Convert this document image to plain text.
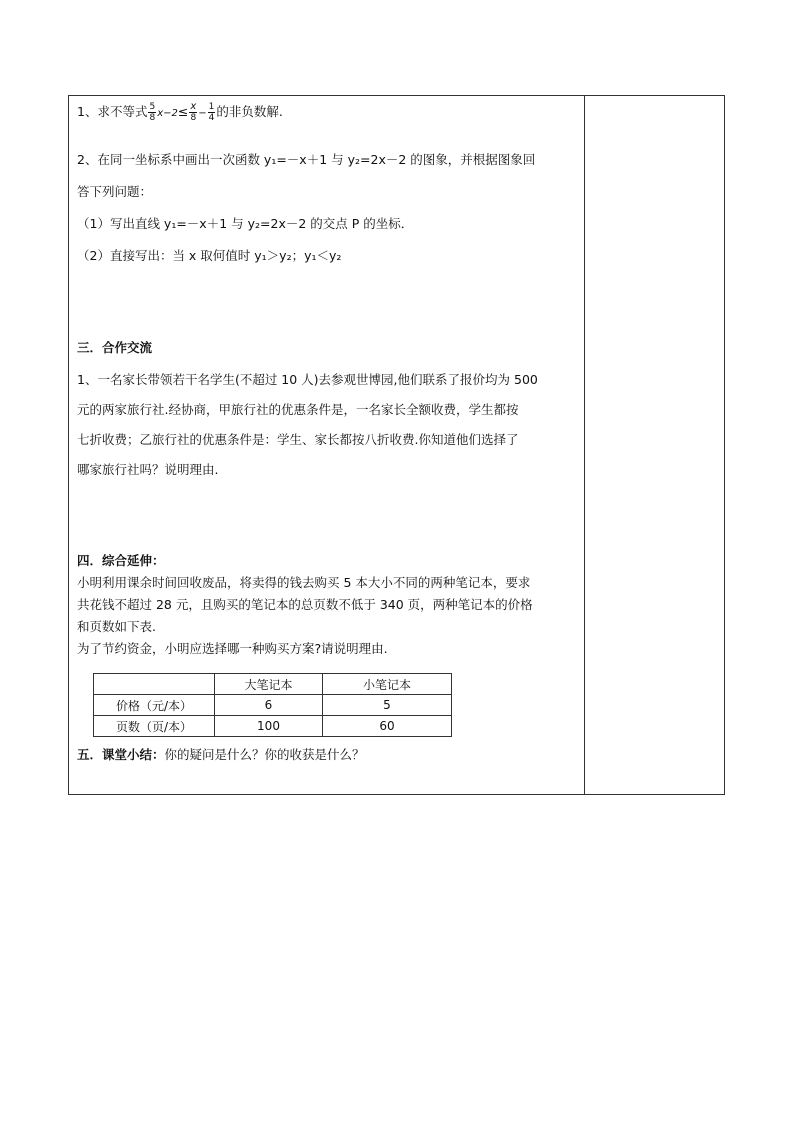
1、求不等式 $\frac{5}{8} x-2\le \frac{x}{8} - \frac{1}{4}$ 的非负数解.
2、在同一坐标系中画出一次函数 y₁=－x＋1 与 y₂=2x－2 的图象，并根据图象回
答下列问题：
（1）写出直线 y₁=－x＋1 与 y₂=2x－2 的交点 P 的坐标．
（2）直接写出：当 x 取何值时 y₁＞y₂；y₁＜y₂
三．合作交流
1、一名家长带领若干名学生(不超过 10 人)去参观世博园,他们联系了报价均为 500
元的两家旅行社.经协商，甲旅行社的优惠条件是，一名家长全额收费，学生都按
七折收费；乙旅行社的优惠条件是：学生、家长都按八折收费.你知道他们选择了
哪家旅行社吗？说明理由.
四．综合延伸：
小明利用课余时间回收废品，将卖得的钱去购买 5 本大小不同的两种笔记本，要求
共花钱不超过 28 元，且购买的笔记本的总页数不低于 340 页，两种笔记本的价格
和页数如下表.
为了节约资金，小明应选择哪一种购买方案?请说明理由.
	大笔记本	小笔记本
价格（元/本）	6	5
页数（页/本）	100	60
五．课堂小结：你的疑问是什么？你的收获是什么？
